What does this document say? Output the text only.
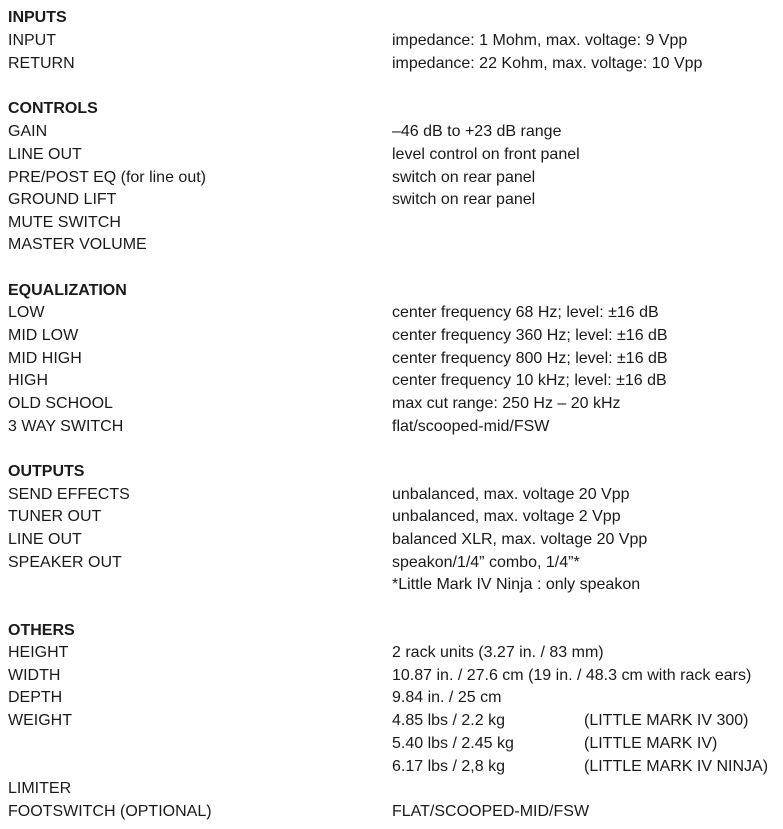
INPUTS
INPUT	impedance: 1 Mohm, max. voltage: 9 Vpp
RETURN	impedance: 22 Kohm, max. voltage: 10 Vpp
CONTROLS
GAIN	–46 dB to +23 dB range
LINE OUT	level control on front panel
PRE/POST EQ (for line out)	switch on rear panel
GROUND LIFT	switch on rear panel
MUTE SWITCH
MASTER VOLUME
EQUALIZATION
LOW	center frequency 68 Hz; level: ±16 dB
MID LOW	center frequency 360 Hz; level: ±16 dB
MID HIGH	center frequency 800 Hz; level: ±16 dB
HIGH	center frequency 10 kHz; level: ±16 dB
OLD SCHOOL	max cut range: 250 Hz – 20 kHz
3 WAY SWITCH	flat/scooped-mid/FSW
OUTPUTS
SEND EFFECTS	unbalanced, max. voltage 20 Vpp
TUNER OUT	unbalanced, max. voltage 2 Vpp
LINE OUT	balanced XLR, max. voltage 20 Vpp
SPEAKER OUT	speakon/1/4” combo, 1/4”*
*Little Mark IV Ninja : only speakon
OTHERS
HEIGHT	2 rack units (3.27 in. / 83 mm)
WIDTH	10.87 in. / 27.6 cm (19 in. / 48.3 cm with rack ears)
DEPTH	9.84 in. / 25 cm
WEIGHT	4.85 lbs / 2.2 kg	(LITTLE MARK IV 300)
5.40 lbs / 2.45 kg	(LITTLE MARK IV)
6.17 lbs / 2,8 kg	(LITTLE MARK IV NINJA)
LIMITER
FOOTSWITCH (OPTIONAL)	FLAT/SCOOPED-MID/FSW
